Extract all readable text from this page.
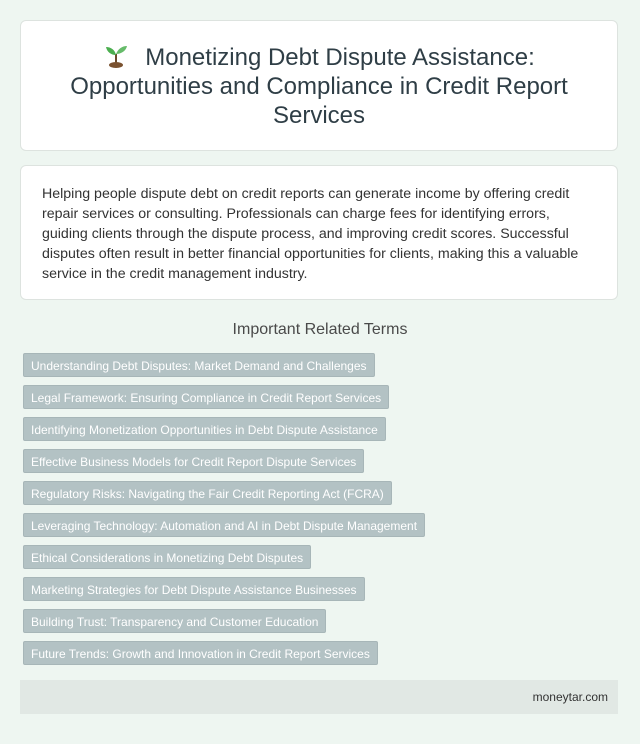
Monetizing Debt Dispute Assistance: Opportunities and Compliance in Credit Report Services

Helping people dispute debt on credit reports can generate income by offering credit repair services or consulting. Professionals can charge fees for identifying errors, guiding clients through the dispute process, and improving credit scores. Successful disputes often result in better financial opportunities for clients, making this a valuable service in the credit management industry.

Important Related Terms
Understanding Debt Disputes: Market Demand and Challenges
Legal Framework: Ensuring Compliance in Credit Report Services
Identifying Monetization Opportunities in Debt Dispute Assistance
Effective Business Models for Credit Report Dispute Services
Regulatory Risks: Navigating the Fair Credit Reporting Act (FCRA)
Leveraging Technology: Automation and AI in Debt Dispute Management
Ethical Considerations in Monetizing Debt Disputes
Marketing Strategies for Debt Dispute Assistance Businesses
Building Trust: Transparency and Customer Education
Future Trends: Growth and Innovation in Credit Report Services
moneytar.com
